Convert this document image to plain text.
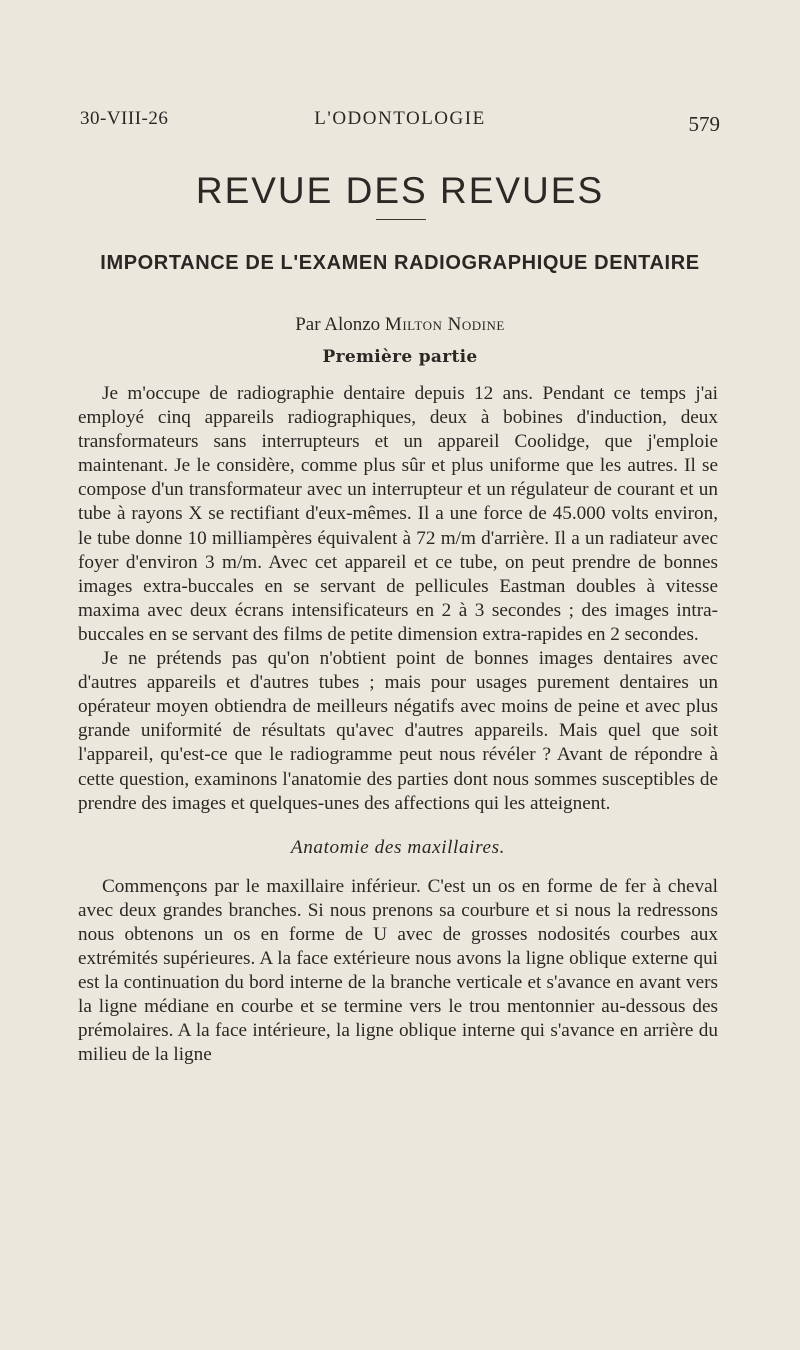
30-VIII-26	L'ODONTOLOGIE	579
REVUE DES REVUES
IMPORTANCE DE L'EXAMEN RADIOGRAPHIQUE DENTAIRE
Par Alonzo Milton Nodine
Première partie

Je m'occupe de radiographie dentaire depuis 12 ans. Pendant ce temps j'ai employé cinq appareils radiographiques, deux à bobines d'induction, deux transformateurs sans interrupteurs et un appareil Coolidge, que j'emploie maintenant. Je le considère, comme plus sûr et plus uniforme que les autres. Il se compose d'un transformateur avec un interrupteur et un régulateur de courant et un tube à rayons X se rectifiant d'eux-mêmes. Il a une force de 45.000 volts environ, le tube donne 10 milliampères équivalent à 72 m/m d'arrière. Il a un radiateur avec foyer d'environ 3 m/m. Avec cet appareil et ce tube, on peut prendre de bonnes images extra-buccales en se servant de pellicules Eastman doubles à vitesse maxima avec deux écrans intensificateurs en 2 à 3 secondes ; des images intra-buccales en se servant des films de petite dimension extra-rapides en 2 secondes.

Je ne prétends pas qu'on n'obtient point de bonnes images dentaires avec d'autres appareils et d'autres tubes ; mais pour usages purement dentaires un opérateur moyen obtiendra de meilleurs négatifs avec moins de peine et avec plus grande uniformité de résultats qu'avec d'autres appareils. Mais quel que soit l'appareil, qu'est-ce que le radiogramme peut nous révéler ? Avant de répondre à cette question, examinons l'anatomie des parties dont nous sommes susceptibles de prendre des images et quelques-unes des affections qui les atteignent.

Anatomie des maxillaires.

Commençons par le maxillaire inférieur. C'est un os en forme de fer à cheval avec deux grandes branches. Si nous prenons sa courbure et si nous la redressons nous obtenons un os en forme de U avec de grosses nodosités courbes aux extrémités supérieures. A la face extérieure nous avons la ligne oblique externe qui est la continuation du bord interne de la branche verticale et s'avance en avant vers la ligne médiane en courbe et se termine vers le trou mentonnier au-dessous des prémolaires. A la face intérieure, la ligne oblique interne qui s'avance en arrière du milieu de la ligne
